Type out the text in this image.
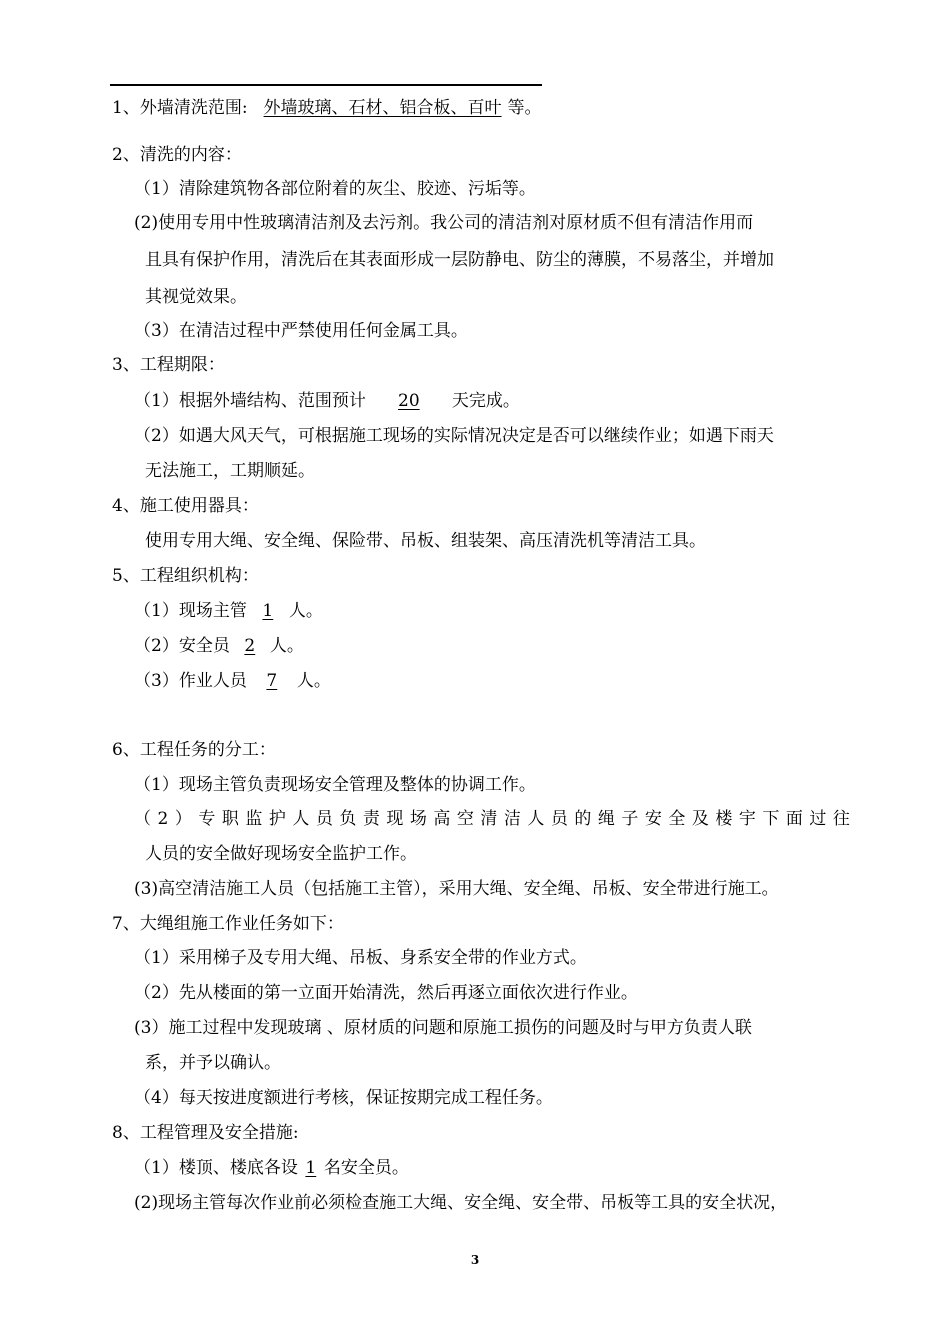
1、外墙清洗范围: 外墙玻璃、石材、铝合板、百叶 等。
2、清洗的内容：
（1）清除建筑物各部位附着的灰尘、胶迹、污垢等。
(2)使用专用中性玻璃清洁剂及去污剂。我公司的清洁剂对原材质不但有清洁作用而
且具有保护作用，清洗后在其表面形成一层防静电、防尘的薄膜，不易落尘，并增加
其视觉效果。
（3）在清洁过程中严禁使用任何金属工具。
3、工程期限：
（1）根据外墙结构、范围预计 20 天完成。
（2）如遇大风天气，可根据施工现场的实际情况决定是否可以继续作业；如遇下雨天
无法施工，工期顺延。
4、施工使用器具：
使用专用大绳、安全绳、保险带、吊板、组装架、高压清洗机等清洁工具。
5、工程组织机构：
（1）现场主管 1 人。
（2）安全员 2 人。
（3）作业人员 7 人。
6、工程任务的分工：
（1）现场主管负责现场安全管理及整体的协调工作。
（2）专职监护人员负责现场高空清洁人员的绳子安全及楼宇下面过往
人员的安全做好现场安全监护工作。
(3)高空清洁施工人员（包括施工主管），采用大绳、安全绳、吊板、安全带进行施工。
7、大绳组施工作业任务如下：
（1）采用梯子及专用大绳、吊板、身系安全带的作业方式。
（2）先从楼面的第一立面开始清洗，然后再逐立面依次进行作业。
(3）施工过程中发现玻璃 、原材质的问题和原施工损伤的问题及时与甲方负责人联
系，并予以确认。
（4）每天按进度额进行考核，保证按期完成工程任务。
8、工程管理及安全措施:
（1）楼顶、楼底各设 1 名安全员。
(2)现场主管每次作业前必须检查施工大绳、安全绳、安全带、吊板等工具的安全状况，
3
